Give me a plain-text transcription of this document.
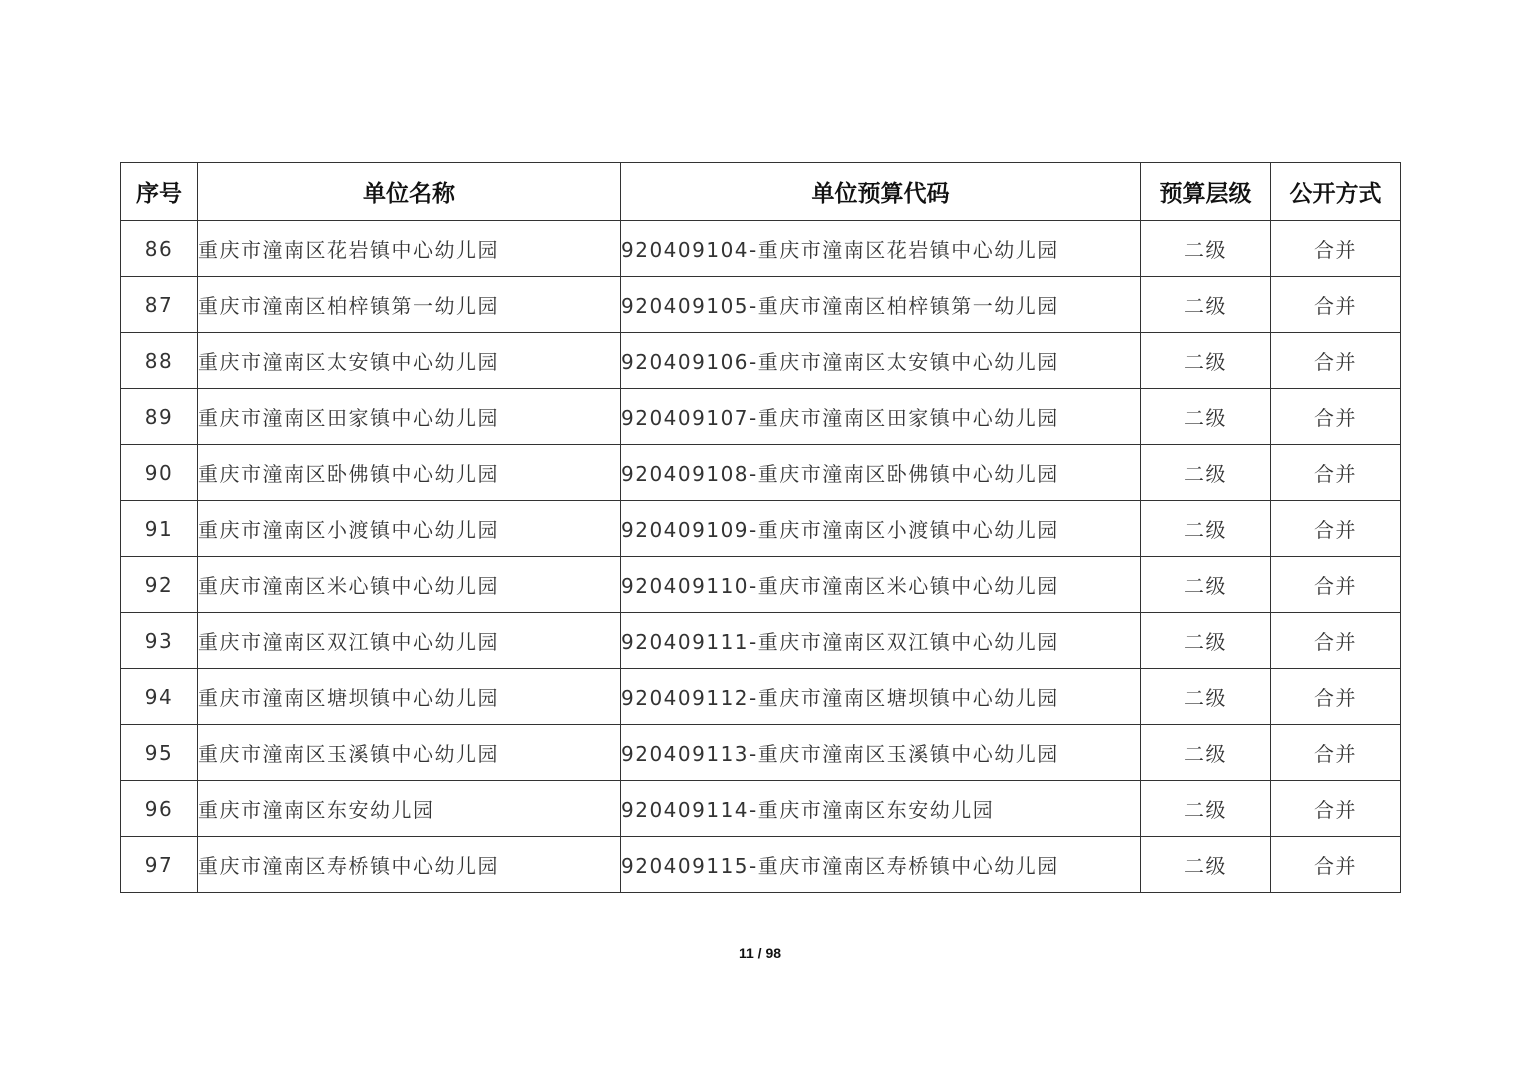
序号	单位名称	单位预算代码	预算层级	公开方式
86	重庆市潼南区花岩镇中心幼儿园	920409104-重庆市潼南区花岩镇中心幼儿园	二级	合并
87	重庆市潼南区柏梓镇第一幼儿园	920409105-重庆市潼南区柏梓镇第一幼儿园	二级	合并
88	重庆市潼南区太安镇中心幼儿园	920409106-重庆市潼南区太安镇中心幼儿园	二级	合并
89	重庆市潼南区田家镇中心幼儿园	920409107-重庆市潼南区田家镇中心幼儿园	二级	合并
90	重庆市潼南区卧佛镇中心幼儿园	920409108-重庆市潼南区卧佛镇中心幼儿园	二级	合并
91	重庆市潼南区小渡镇中心幼儿园	920409109-重庆市潼南区小渡镇中心幼儿园	二级	合并
92	重庆市潼南区米心镇中心幼儿园	920409110-重庆市潼南区米心镇中心幼儿园	二级	合并
93	重庆市潼南区双江镇中心幼儿园	920409111-重庆市潼南区双江镇中心幼儿园	二级	合并
94	重庆市潼南区塘坝镇中心幼儿园	920409112-重庆市潼南区塘坝镇中心幼儿园	二级	合并
95	重庆市潼南区玉溪镇中心幼儿园	920409113-重庆市潼南区玉溪镇中心幼儿园	二级	合并
96	重庆市潼南区东安幼儿园	920409114-重庆市潼南区东安幼儿园	二级	合并
97	重庆市潼南区寿桥镇中心幼儿园	920409115-重庆市潼南区寿桥镇中心幼儿园	二级	合并
11 / 98
